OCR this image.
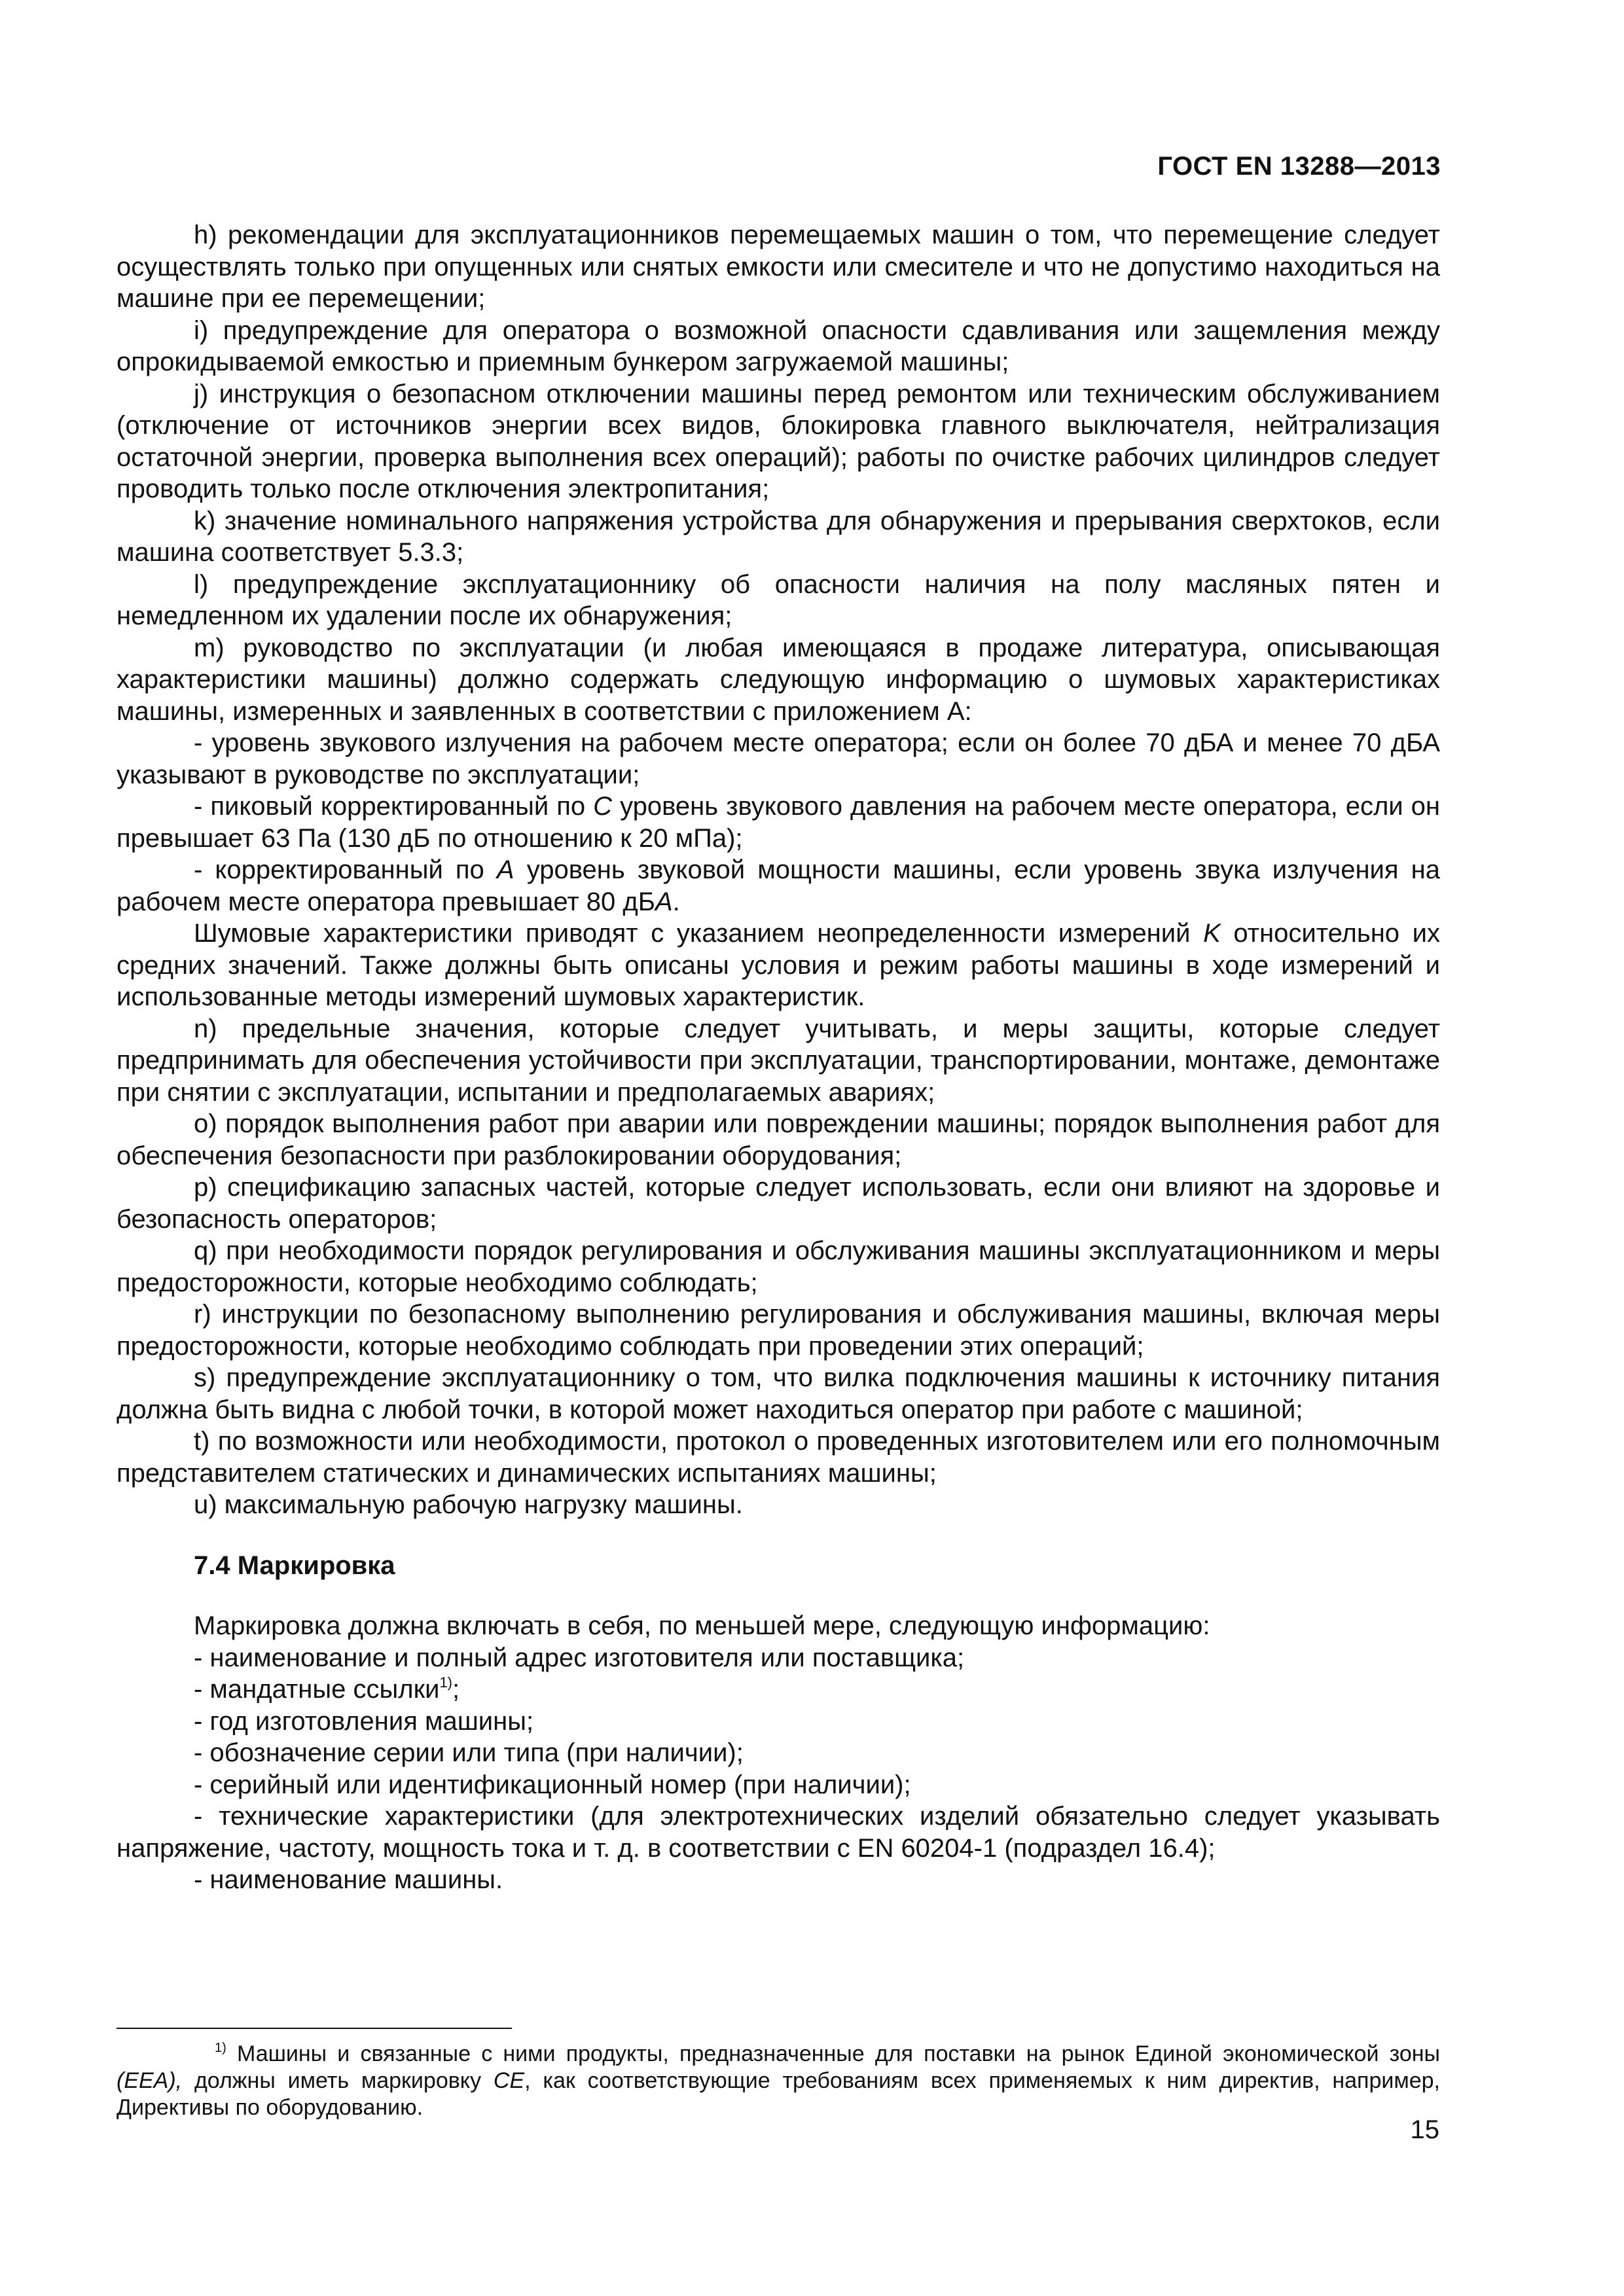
ГОСТ EN 13288—2013

h) рекомендации для эксплуатационников перемещаемых машин о том, что перемещение следует осуществлять только при опущенных или снятых емкости или смесителе и что не допустимо находиться на машине при ее перемещении;

i) предупреждение для оператора о возможной опасности сдавливания или защемления между опрокидываемой емкостью и приемным бункером загружаемой машины;

j) инструкция о безопасном отключении машины перед ремонтом или техническим обслуживанием (отключение от источников энергии всех видов, блокировка главного выключателя, нейтрализация остаточной энергии, проверка выполнения всех операций); работы по очистке рабочих цилиндров следует проводить только после отключения электропитания;

k) значение номинального напряжения устройства для обнаружения и прерывания сверхтоков, если машина соответствует 5.3.3;

l) предупреждение эксплуатационнику об опасности наличия на полу масляных пятен и немедленном их удалении после их обнаружения;

m) руководство по эксплуатации (и любая имеющаяся в продаже литература, описывающая характеристики машины) должно содержать следующую информацию о шумовых характеристиках машины, измеренных и заявленных в соответствии с приложением А:

- уровень звукового излучения на рабочем месте оператора; если он более 70 дБА и менее 70 дБА указывают в руководстве по эксплуатации;

- пиковый корректированный по C уровень звукового давления на рабочем месте оператора, если он превышает 63 Па (130 дБ по отношению к 20 мПа);

- корректированный по А уровень звуковой мощности машины, если уровень звука излучения на рабочем месте оператора превышает 80 дБА.

Шумовые характеристики приводят с указанием неопределенности измерений K относительно их средних значений. Также должны быть описаны условия и режим работы машины в ходе измерений и использованные методы измерений шумовых характеристик.

n) предельные значения, которые следует учитывать, и меры защиты, которые следует предпринимать для обеспечения устойчивости при эксплуатации, транспортировании, монтаже, демонтаже при снятии с эксплуатации, испытании и предполагаемых авариях;

o) порядок выполнения работ при аварии или повреждении машины; порядок выполнения работ для обеспечения безопасности при разблокировании оборудования;

p) спецификацию запасных частей, которые следует использовать, если они влияют на здоровье и безопасность операторов;

q) при необходимости порядок регулирования и обслуживания машины эксплуатационником и меры предосторожности, которые необходимо соблюдать;

r) инструкции по безопасному выполнению регулирования и обслуживания машины, включая меры предосторожности, которые необходимо соблюдать при проведении этих операций;

s) предупреждение эксплуатационнику о том, что вилка подключения машины к источнику питания должна быть видна с любой точки, в которой может находиться оператор при работе с машиной;

t) по возможности или необходимости, протокол о проведенных изготовителем или его полномочным представителем статических и динамических испытаниях машины;

u) максимальную рабочую нагрузку машины.

7.4 Маркировка

Маркировка должна включать в себя, по меньшей мере, следующую информацию:

- наименование и полный адрес изготовителя или поставщика;

- мандатные ссылки$^{1)}$;

- год изготовления машины;

- обозначение серии или типа (при наличии);

- серийный или идентификационный номер (при наличии);

- технические характеристики (для электротехнических изделий обязательно следует указывать напряжение, частоту, мощность тока и т. д. в соответствии с EN 60204-1 (подраздел 16.4);

- наименование машины.

$^{1)}$ Машины и связанные с ними продукты, предназначенные для поставки на рынок Единой экономической зоны (ЕЕА), должны иметь маркировку СЕ, как соответствующие требованиям всех применяемых к ним директив, например, Директивы по оборудованию.
15
